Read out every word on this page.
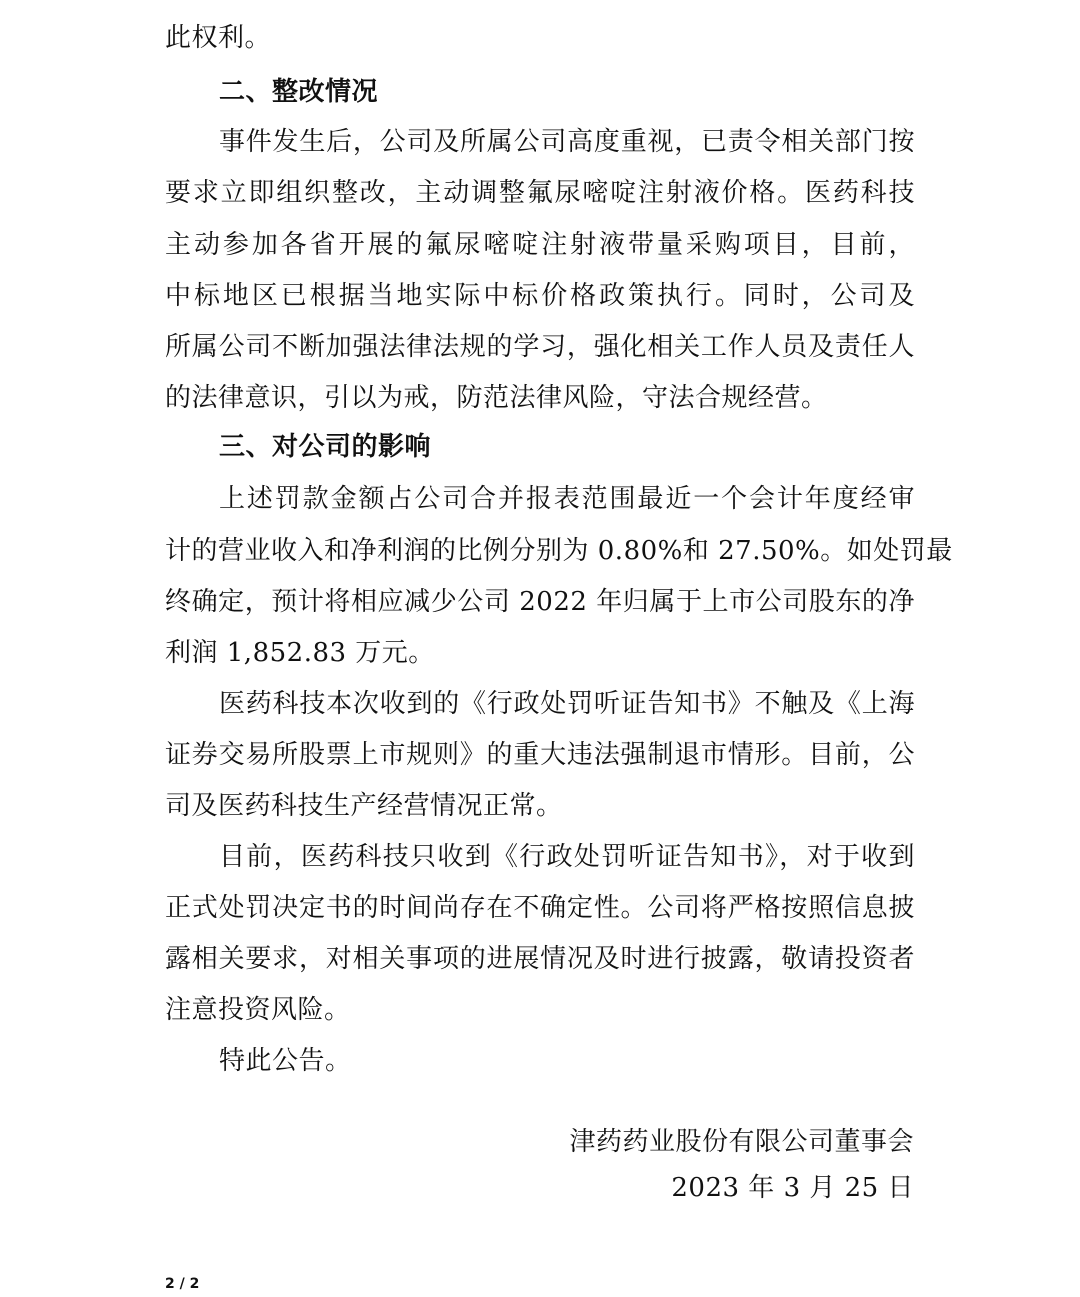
此权利。
二、整改情况
事件发生后，公司及所属公司高度重视，已责令相关部门按
要求立即组织整改，主动调整氟尿嘧啶注射液价格。医药科技
主动参加各省开展的氟尿嘧啶注射液带量采购项目，目前，
中标地区已根据当地实际中标价格政策执行。同时，公司及
所属公司不断加强法律法规的学习，强化相关工作人员及责任人
的法律意识，引以为戒，防范法律风险，守法合规经营。
三、对公司的影响
上述罚款金额占公司合并报表范围最近一个会计年度经审
计的营业收入和净利润的比例分别为 0.80%和 27.50%。如处罚最
终确定，预计将相应减少公司 2022 年归属于上市公司股东的净
利润 1,852.83 万元。
医药科技本次收到的《行政处罚听证告知书》不触及《上海
证券交易所股票上市规则》的重大违法强制退市情形。目前，公
司及医药科技生产经营情况正常。
目前，医药科技只收到《行政处罚听证告知书》，对于收到
正式处罚决定书的时间尚存在不确定性。公司将严格按照信息披
露相关要求，对相关事项的进展情况及时进行披露，敬请投资者
注意投资风险。
特此公告。
津药药业股份有限公司董事会
2023 年 3 月 25 日
2 / 2
